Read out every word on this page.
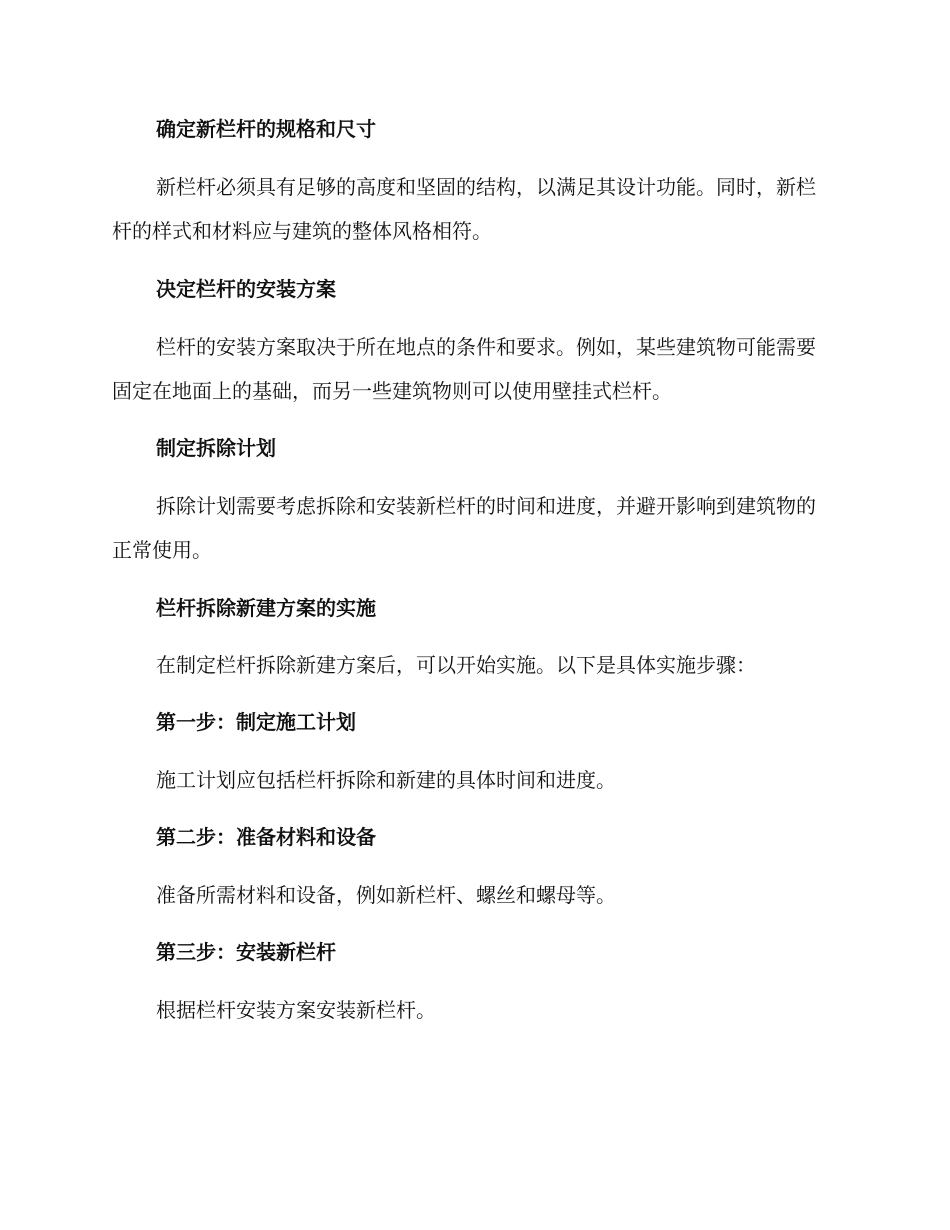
确定新栏杆的规格和尺寸

新栏杆必须具有足够的高度和坚固的结构，以满足其设计功能。同时，新栏杆的样式和材料应与建筑的整体风格相符。

决定栏杆的安装方案

栏杆的安装方案取决于所在地点的条件和要求。例如，某些建筑物可能需要固定在地面上的基础，而另一些建筑物则可以使用壁挂式栏杆。

制定拆除计划

拆除计划需要考虑拆除和安装新栏杆的时间和进度，并避开影响到建筑物的正常使用。

栏杆拆除新建方案的实施

在制定栏杆拆除新建方案后，可以开始实施。以下是具体实施步骤：

第一步：制定施工计划

施工计划应包括栏杆拆除和新建的具体时间和进度。

第二步：准备材料和设备

准备所需材料和设备，例如新栏杆、螺丝和螺母等。

第三步：安装新栏杆

根据栏杆安装方案安装新栏杆。
